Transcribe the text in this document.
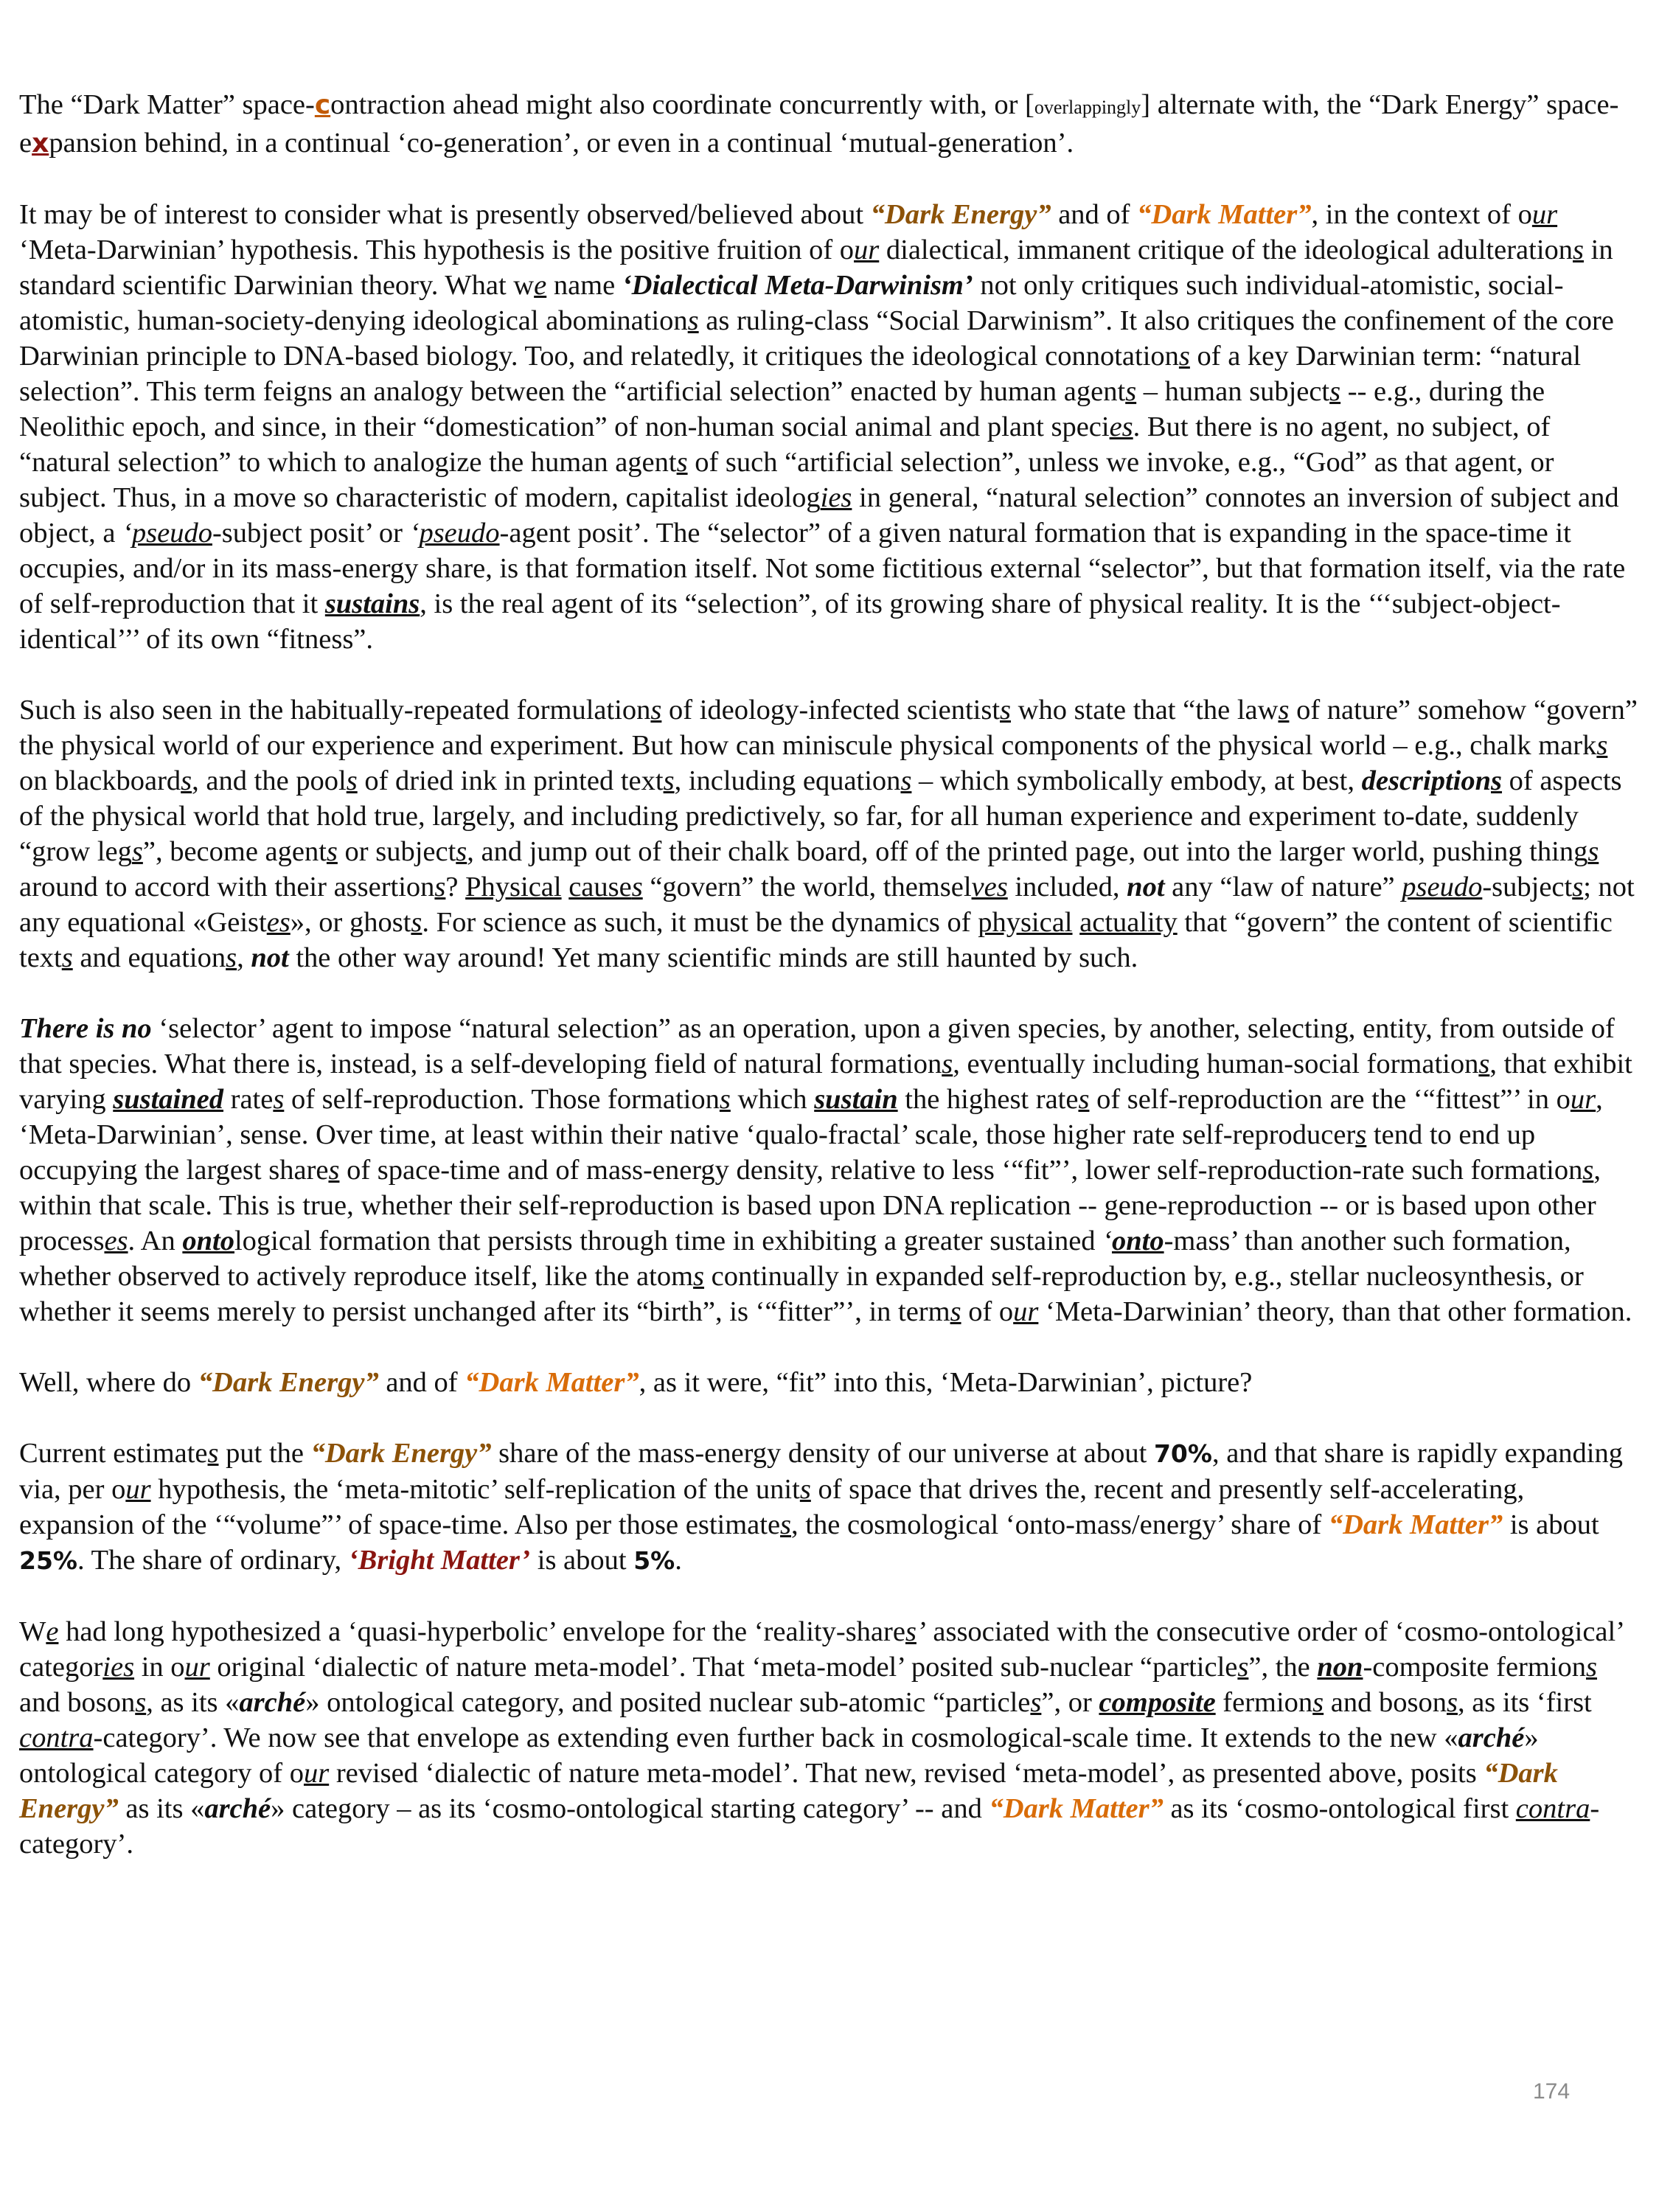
The “Dark Matter” space-contraction ahead might also coordinate concurrently with, or [overlappingly] alternate with, the “Dark Energy” space-expansion behind, in a continual ‘co-generation’, or even in a continual ‘mutual-generation’.

It may be of interest to consider what is presently observed/believed about “Dark Energy” and of “Dark Matter”, in the context of our ‘Meta-Darwinian’ hypothesis. This hypothesis is the positive fruition of our dialectical, immanent critique of the ideological adulterations in standard scientific Darwinian theory. What we name ‘Dialectical Meta-Darwinism’ not only critiques such individual-atomistic, social-atomistic, human-society-denying ideological abominations as ruling-class “Social Darwinism”. It also critiques the confinement of the core Darwinian principle to DNA-based biology. Too, and relatedly, it critiques the ideological connotations of a key Darwinian term: “natural selection”. This term feigns an analogy between the “artificial selection” enacted by human agents – human subjects -- e.g., during the Neolithic epoch, and since, in their “domestication” of non-human social animal and plant species. But there is no agent, no subject, of “natural selection” to which to analogize the human agents of such “artificial selection”, unless we invoke, e.g., “God” as that agent, or subject. Thus, in a move so characteristic of modern, capitalist ideologies in general, “natural selection” connotes an inversion of subject and object, a ‘pseudo-subject posit’ or ‘pseudo-agent posit’. The “selector” of a given natural formation that is expanding in the space-time it occupies, and/or in its mass-energy share, is that formation itself. Not some fictitious external “selector”, but that formation itself, via the rate of self-reproduction that it sustains, is the real agent of its “selection”, of its growing share of physical reality. It is the ‘‘‘subject-object-identical’’’ of its own “fitness”.

Such is also seen in the habitually-repeated formulations of ideology-infected scientists who state that “the laws of nature” somehow “govern” the physical world of our experience and experiment. But how can miniscule physical components of the physical world – e.g., chalk marks on blackboards, and the pools of dried ink in printed texts, including equations – which symbolically embody, at best, descriptions of aspects of the physical world that hold true, largely, and including predictively, so far, for all human experience and experiment to-date, suddenly “grow legs”, become agents or subjects, and jump out of their chalk board, off of the printed page, out into the larger world, pushing things around to accord with their assertions? Physical causes “govern” the world, themselves included, not any “law of nature” pseudo-subjects; not any equational «Geistes», or ghosts. For science as such, it must be the dynamics of physical actuality that “govern” the content of scientific texts and equations, not the other way around! Yet many scientific minds are still haunted by such.

There is no ‘selector’ agent to impose “natural selection” as an operation, upon a given species, by another, selecting, entity, from outside of that species. What there is, instead, is a self-developing field of natural formations, eventually including human-social formations, that exhibit varying sustained rates of self-reproduction. Those formations which sustain the highest rates of self-reproduction are the ‘“fittest”’ in our, ‘Meta-Darwinian’, sense. Over time, at least within their native ‘qualo-fractal’ scale, those higher rate self-reproducers tend to end up occupying the largest shares of space-time and of mass-energy density, relative to less ‘“fit”’, lower self-reproduction-rate such formations, within that scale. This is true, whether their self-reproduction is based upon DNA replication -- gene-reproduction -- or is based upon other processes. An ontological formation that persists through time in exhibiting a greater sustained ‘onto-mass’ than another such formation, whether observed to actively reproduce itself, like the atoms continually in expanded self-reproduction by, e.g., stellar nucleosynthesis, or whether it seems merely to persist unchanged after its “birth”, is ‘“fitter”’, in terms of our ‘Meta-Darwinian’ theory, than that other formation.

Well, where do “Dark Energy” and of “Dark Matter”, as it were, “fit” into this, ‘Meta-Darwinian’, picture?

Current estimates put the “Dark Energy” share of the mass-energy density of our universe at about 70%, and that share is rapidly expanding via, per our hypothesis, the ‘meta-mitotic’ self-replication of the units of space that drives the, recent and presently self-accelerating, expansion of the ‘“volume”’ of space-time. Also per those estimates, the cosmological ‘onto-mass/energy’ share of “Dark Matter” is about 25%. The share of ordinary, ‘Bright Matter’ is about 5%.

We had long hypothesized a ‘quasi-hyperbolic’ envelope for the ‘reality-shares’ associated with the consecutive order of ‘cosmo-ontological’ categories in our original ‘dialectic of nature meta-model’. That ‘meta-model’ posited sub-nuclear “particles”, the non-composite fermions and bosons, as its «arché» ontological category, and posited nuclear sub-atomic “particles”, or composite fermions and bosons, as its ‘first contra-category’. We now see that envelope as extending even further back in cosmological-scale time. It extends to the new «arché» ontological category of our revised ‘dialectic of nature meta-model’. That new, revised ‘meta-model’, as presented above, posits “Dark Energy” as its «arché» category – as its ‘cosmo-ontological starting category’ -- and “Dark Matter” as its ‘cosmo-ontological first contra-category’.

174
